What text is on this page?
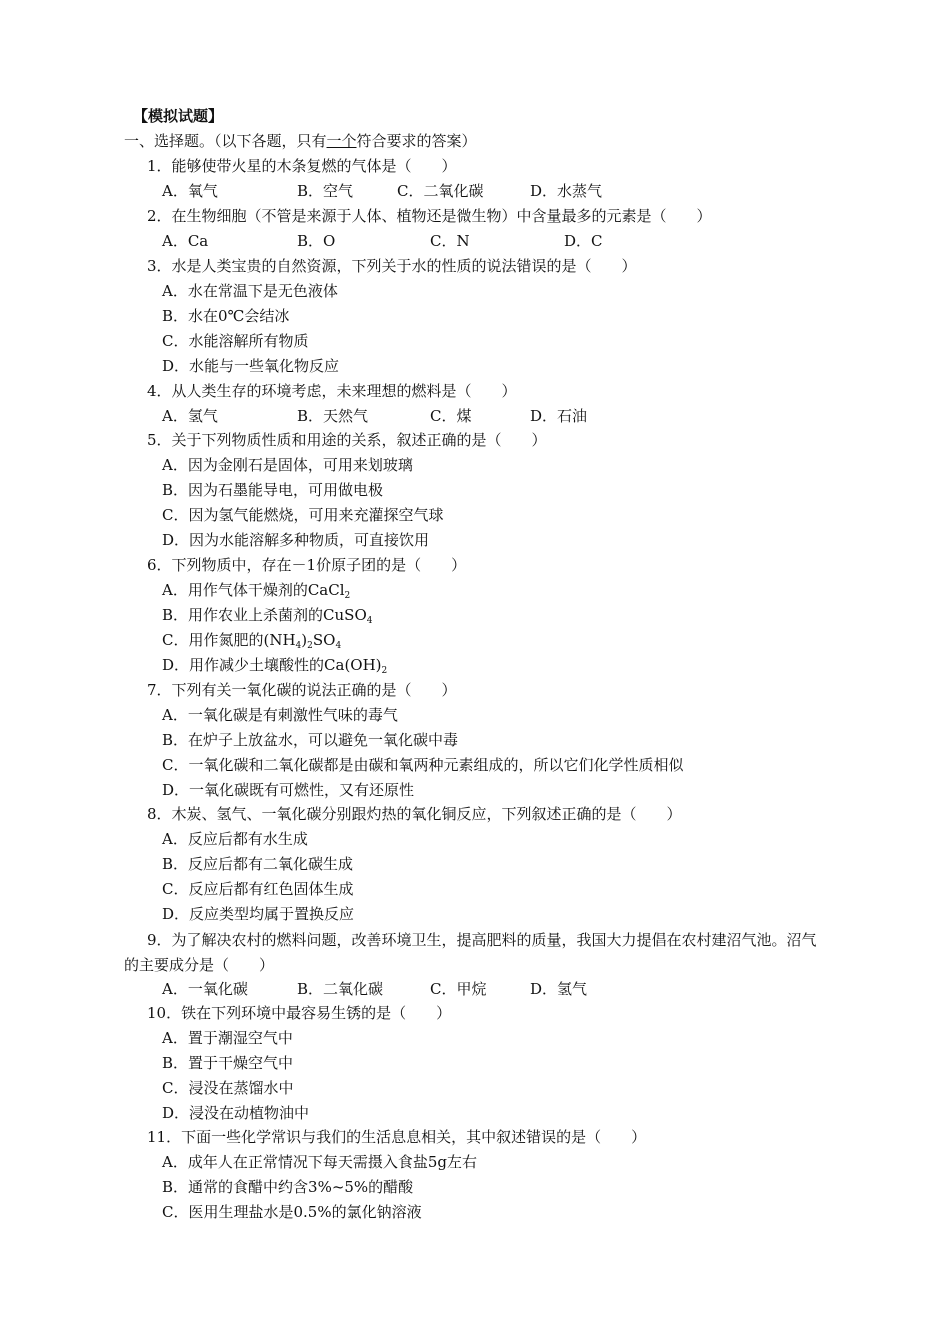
【模拟试题】
一、选择题。（以下各题，只有一个符合要求的答案）
1．能够使带火星的木条复燃的气体是（　　）
A．氧气	B．空气	C．二氧化碳	D．水蒸气
2．在生物细胞（不管是来源于人体、植物还是微生物）中含量最多的元素是（　　）
A．Ca	B．O	C．N	D．C
3．水是人类宝贵的自然资源，下列关于水的性质的说法错误的是（　　）
A．水在常温下是无色液体
B．水在0℃会结冰
C．水能溶解所有物质
D．水能与一些氧化物反应
4．从人类生存的环境考虑，未来理想的燃料是（　　）
A．氢气	B．天然气	C．煤	D．石油
5．关于下列物质性质和用途的关系，叙述正确的是（　　）
A．因为金刚石是固体，可用来划玻璃
B．因为石墨能导电，可用做电极
C．因为氢气能燃烧，可用来充灌探空气球
D．因为水能溶解多种物质，可直接饮用
6．下列物质中，存在－1价原子团的是（　　）
A．用作气体干燥剂的CaCl$_2$
B．用作农业上杀菌剂的CuSO$_4$
C．用作氮肥的$(NH_4)_2SO_4$
D．用作减少土壤酸性的$Ca(OH)_2$
7．下列有关一氧化碳的说法正确的是（　　）
A．一氧化碳是有刺激性气味的毒气
B．在炉子上放盆水，可以避免一氧化碳中毒
C．一氧化碳和二氧化碳都是由碳和氧两种元素组成的，所以它们化学性质相似
D．一氧化碳既有可燃性，又有还原性
8．木炭、氢气、一氧化碳分别跟灼热的氧化铜反应，下列叙述正确的是（　　）
A．反应后都有水生成
B．反应后都有二氧化碳生成
C．反应后都有红色固体生成
D．反应类型均属于置换反应
9．为了解决农村的燃料问题，改善环境卫生，提高肥料的质量，我国大力提倡在农村建沼气池。沼气的主要成分是（　　）
A．一氧化碳	B．二氧化碳	C．甲烷	D．氢气
10．铁在下列环境中最容易生锈的是（　　）
A．置于潮湿空气中
B．置于干燥空气中
C．浸没在蒸馏水中
D．浸没在动植物油中
11．下面一些化学常识与我们的生活息息相关，其中叙述错误的是（　　）
A．成年人在正常情况下每天需摄入食盐5g左右
B．通常的食醋中约含3%~5%的醋酸
C．医用生理盐水是0.5%的氯化钠溶液
